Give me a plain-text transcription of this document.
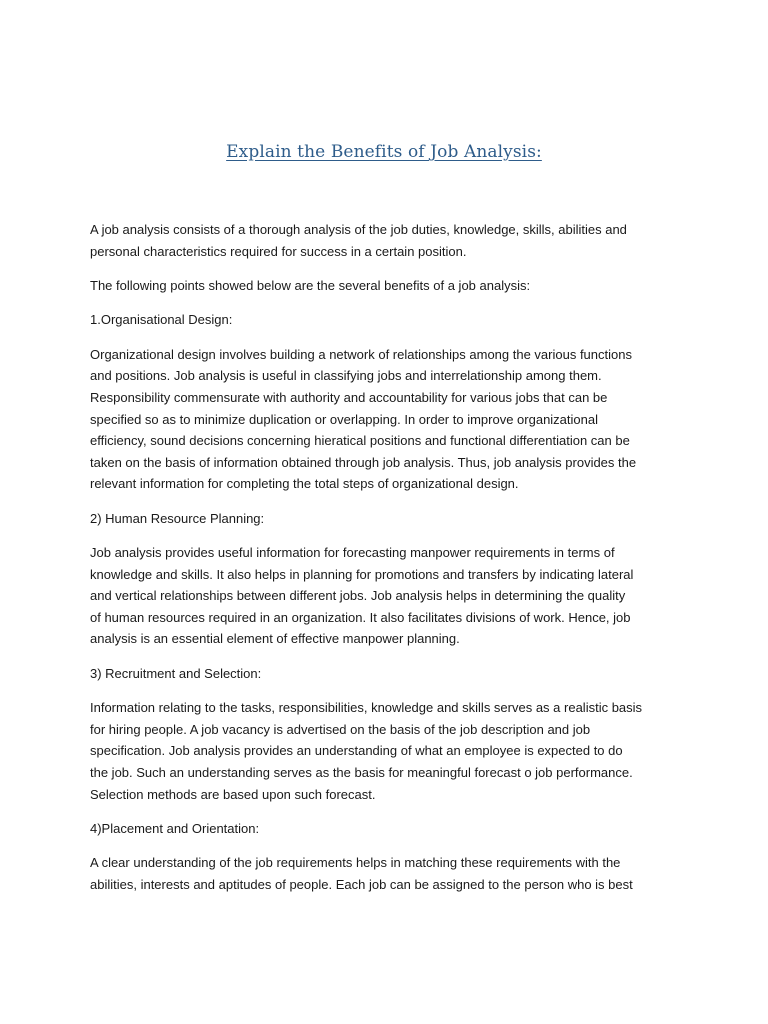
Explain the Benefits of Job Analysis:

A job analysis consists of a thorough analysis of the job duties, knowledge, skills, abilities and
personal characteristics required for success in a certain position.

The following points showed below are the several benefits of a job analysis:

1.Organisational Design:

Organizational design involves building a network of relationships among the various functions
and positions. Job analysis is useful in classifying jobs and interrelationship among them.
Responsibility commensurate with authority and accountability for various jobs that can be
specified so as to minimize duplication or overlapping. In order to improve organizational
efficiency, sound decisions concerning hieratical positions and functional differentiation can be
taken on the basis of information obtained through job analysis. Thus, job analysis provides the
relevant information for completing the total steps of organizational design.

2) Human Resource Planning:

Job analysis provides useful information for forecasting manpower requirements in terms of
knowledge and skills. It also helps in planning for promotions and transfers by indicating lateral
and vertical relationships between different jobs. Job analysis helps in determining the quality
of human resources required in an organization. It also facilitates divisions of work. Hence, job
analysis is an essential element of effective manpower planning.

3) Recruitment and Selection:

Information relating to the tasks, responsibilities, knowledge and skills serves as a realistic basis
for hiring people. A job vacancy is advertised on the basis of the job description and job
specification. Job analysis provides an understanding of what an employee is expected to do
the job. Such an understanding serves as the basis for meaningful forecast o job performance.
Selection methods are based upon such forecast.

4)Placement and Orientation:

A clear understanding of the job requirements helps in matching these requirements with the
abilities, interests and aptitudes of people. Each job can be assigned to the person who is best
